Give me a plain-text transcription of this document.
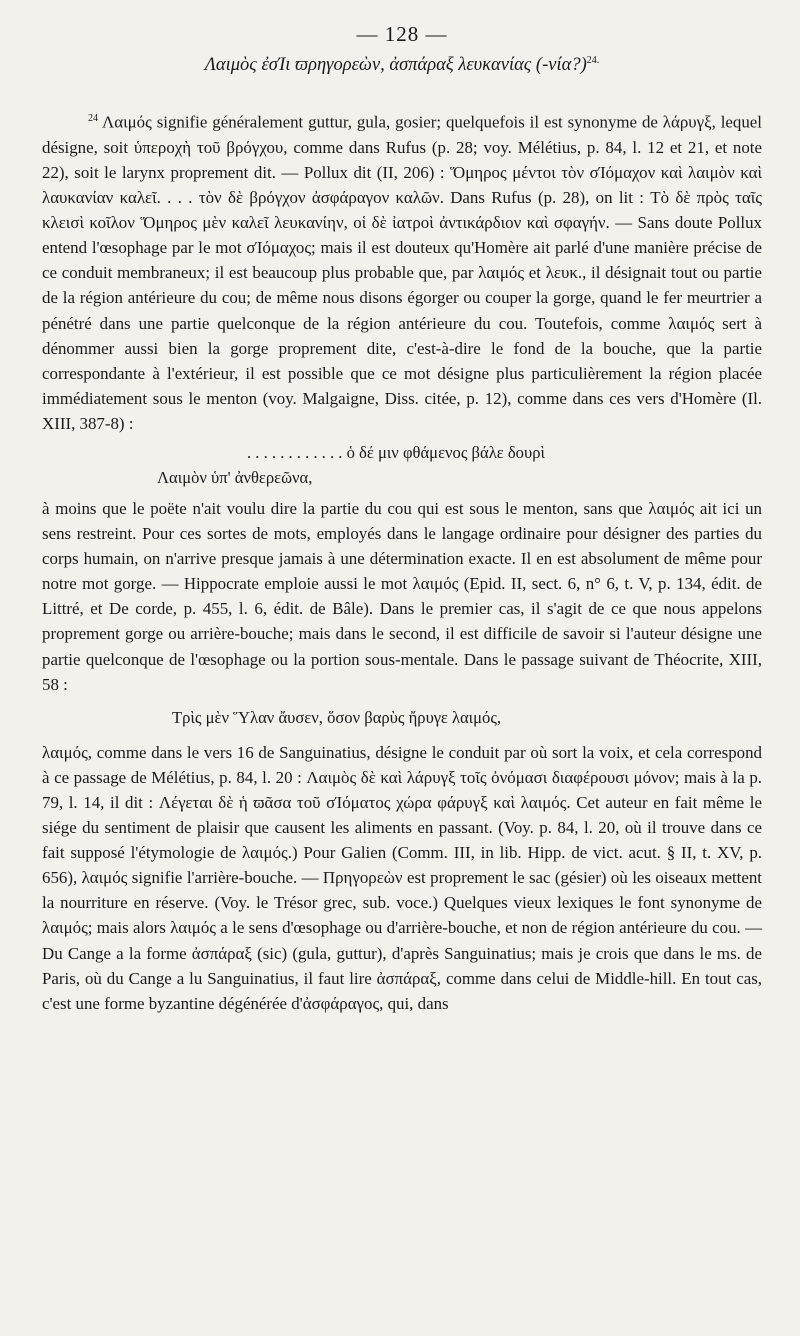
— 128 —
Λαιμὸς ἐσΊι ϖρηγορεὼν, ἀσπάραξ λευκανίας (-νία?)$^{24.}$

$^{24}$ Λαιμός signifie généralement guttur, gula, gosier; quelquefois il est synonyme de λάρυγξ, lequel désigne, soit ὑπεροχὴ τοῦ βρόγχου, comme dans Rufus (p. 28; voy. Mélétius, p. 84, l. 12 et 21, et note 22), soit le larynx proprement dit. — Pollux dit (II, 206) : Ὅμηρος μέντοι τὸν σΊόμαχον καὶ λαιμὸν καὶ λαυκανίαν καλεῖ. . . . τὸν δὲ βρόγχον ἀσφάραγον καλῶν. Dans Rufus (p. 28), on lit : Τὸ δὲ πρὸς ταῖς κλεισὶ κοῖλον Ὅμηρος μὲν καλεῖ λευκανίην, οἱ δὲ ἰατροὶ ἀντικάρδιον καὶ σφαγήν. — Sans doute Pollux entend l'œsophage par le mot σΊόμαχος; mais il est douteux qu'Homère ait parlé d'une manière précise de ce conduit membraneux; il est beaucoup plus probable que, par λαιμός et λευκ., il désignait tout ou partie de la région antérieure du cou; de même nous disons égorger ou couper la gorge, quand le fer meurtrier a pénétré dans une partie quelconque de la région antérieure du cou. Toutefois, comme λαιμός sert à dénommer aussi bien la gorge proprement dite, c'est-à-dire le fond de la bouche, que la partie correspondante à l'extérieur, il est possible que ce mot désigne plus particulièrement la région placée immédiatement sous le menton (voy. Malgaigne, Diss. citée, p. 12), comme dans ces vers d'Homère (Il. XIII, 387-8) :

. . . . . . . . . . . . ὁ δέ μιν φθάμενος βάλε δουρὶ
Λαιμὸν ὑπ' ἀνθερεῶνα,

à moins que le poëte n'ait voulu dire la partie du cou qui est sous le menton, sans que λαιμός ait ici un sens restreint. Pour ces sortes de mots, employés dans le langage ordinaire pour désigner des parties du corps humain, on n'arrive presque jamais à une détermination exacte. Il en est absolument de même pour notre mot gorge. — Hippocrate emploie aussi le mot λαιμός (Epid. II, sect. 6, n° 6, t. V, p. 134, édit. de Littré, et De corde, p. 455, l. 6, édit. de Bâle). Dans le premier cas, il s'agit de ce que nous appelons proprement gorge ou arrière-bouche; mais dans le second, il est difficile de savoir si l'auteur désigne une partie quelconque de l'œsophage ou la portion sous-mentale. Dans le passage suivant de Théocrite, XIII, 58 :

Τρὶς μὲν Ὕλαν ἄυσεν, ὅσον βαρὺς ἤρυγε λαιμός,

λαιμός, comme dans le vers 16 de Sanguinatius, désigne le conduit par où sort la voix, et cela correspond à ce passage de Mélétius, p. 84, l. 20 : Λαιμὸς δὲ καὶ λάρυγξ τοῖς ὀνόμασι διαφέρουσι μόνον; mais à la p. 79, l. 14, il dit : Λέγεται δὲ ἡ ϖᾶσα τοῦ σΊόματος χώρα φάρυγξ καὶ λαιμός. Cet auteur en fait même le siége du sentiment de plaisir que causent les aliments en passant. (Voy. p. 84, l. 20, où il trouve dans ce fait supposé l'étymologie de λαιμός.) Pour Galien (Comm. III, in lib. Hipp. de vict. acut. § II, t. XV, p. 656), λαιμός signifie l'arrière-bouche. — Πρηγορεὼν est proprement le sac (gésier) où les oiseaux mettent la nourriture en réserve. (Voy. le Trésor grec, sub. voce.) Quelques vieux lexiques le font synonyme de λαιμός; mais alors λαιμός a le sens d'œsophage ou d'arrière-bouche, et non de région antérieure du cou. — Du Cange a la forme ἀσπάραξ (sic) (gula, guttur), d'après Sanguinatius; mais je crois que dans le ms. de Paris, où du Cange a lu Sanguinatius, il faut lire ἀσπάραξ, comme dans celui de Middle-hill. En tout cas, c'est une forme byzantine dégénérée d'ἀσφάραγος, qui, dans
